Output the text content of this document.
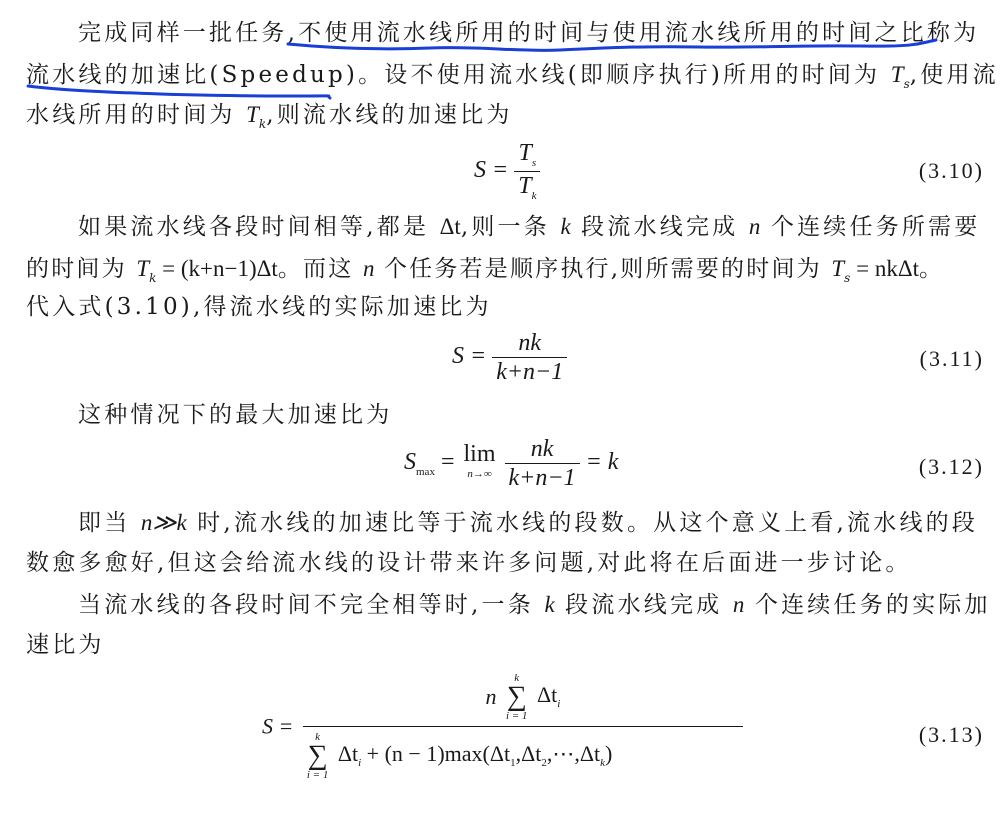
完成同样一批任务,不使用流水线所用的时间与使用流水线所用的时间之比称为
流水线的加速比(Speedup)。设不使用流水线(即顺序执行)所用的时间为 $T_s$,使用流
水线所用的时间为 $T_k$,则流水线的加速比为
$S = \frac{T_s}{T_k}$	(3.10)
如果流水线各段时间相等,都是 Δt,则一条 k 段流水线完成 n 个连续任务所需要
的时间为 $T_k = (k+n-1)\Delta t$。而这 n 个任务若是顺序执行,则所需要的时间为 $T_s = nk\Delta t$。
代入式(3.10),得流水线的实际加速比为
$S = \frac{nk}{k+n-1}$	(3.11)
这种情况下的最大加速比为
$S_{max} = \lim$
n→∞
$\frac{nk}{k+n-1} = k$	(3.12)
即当 n≫k 时,流水线的加速比等于流水线的段数。从这个意义上看,流水线的段
数愈多愈好,但这会给流水线的设计带来许多问题,对此将在后面进一步讨论。
当流水线的各段时间不完全相等时,一条 k 段流水线完成 n 个连续任务的实际加
速比为
S =
n
k
∑
i = 1
$\Delta t_i$
k
∑
i = 1
$\Delta t_i + (n$ − $1)\max(\Delta t_1,\Delta t_2,\cdots,\Delta t_k)$
(3.13)
